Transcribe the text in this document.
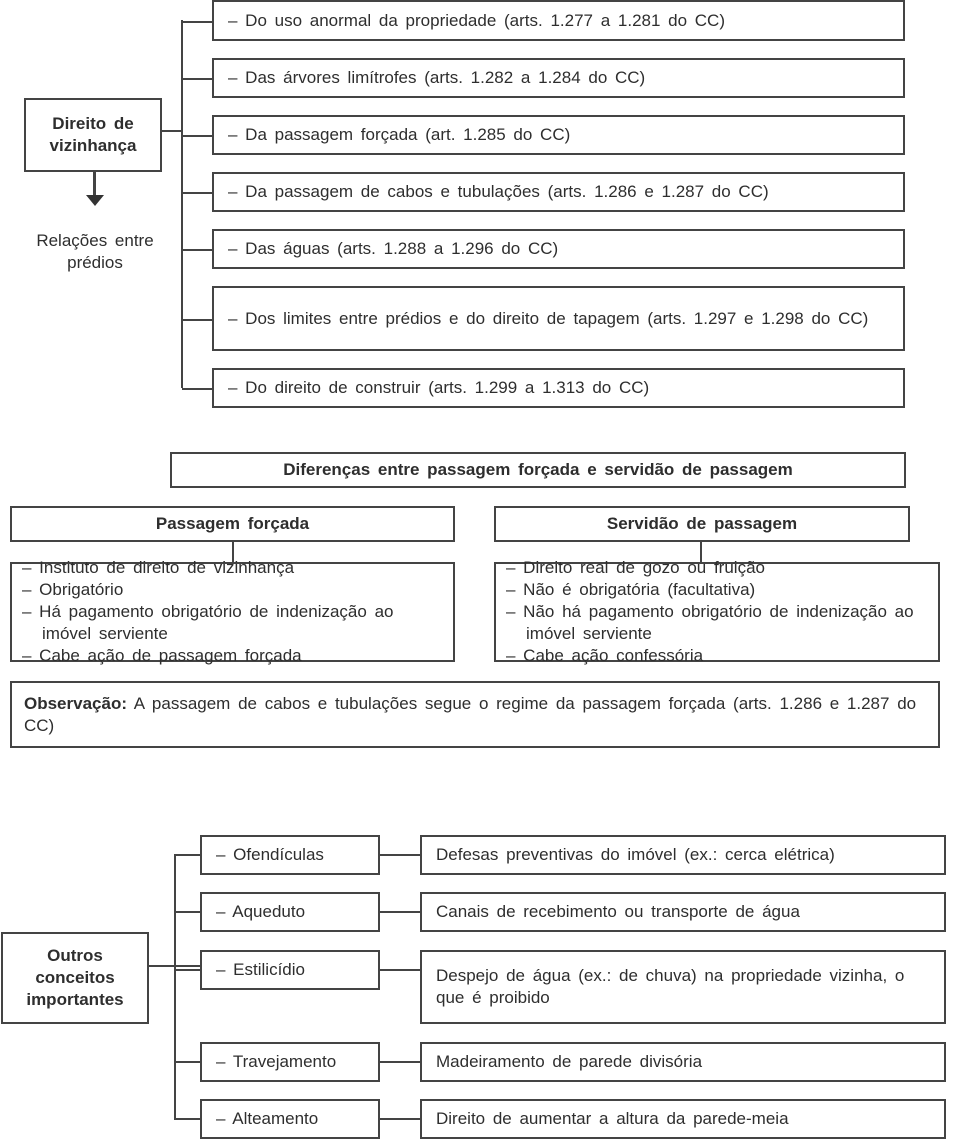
Direito de vizinhança
Relações entre prédios
Diferenças entre passagem forçada e servidão de passagem
Passagem forçada
– Instituto de direito de vizinhança
– Obrigatório
– Há pagamento obrigatório de indenização ao imóvel serviente
– Cabe ação de passagem forçada
Servidão de passagem
– Direito real de gozo ou fruição
– Não é obrigatória (facultativa)
– Não há pagamento obrigatório de indenização ao imóvel serviente
– Cabe ação confessória
Observação: A passagem de cabos e tubulações segue o regime da passagem forçada (arts. 1.286 e 1.287 do CC)
Outros conceitos importantes
– Do uso anormal da propriedade (arts. 1.277 a 1.281 do CC)
– Das árvores limítrofes (arts. 1.282 a 1.284 do CC)
– Da passagem forçada (art. 1.285 do CC)
– Da passagem de cabos e tubulações (arts. 1.286 e 1.287 do CC)
– Das águas (arts. 1.288 a 1.296 do CC)
– Dos limites entre prédios e do direito de tapagem (arts. 1.297 e 1.298 do CC)
– Do direito de construir (arts. 1.299 a 1.313 do CC)
– Ofendículas	Defesas preventivas do imóvel (ex.: cerca elétrica)
– Aqueduto	Canais de recebimento ou transporte de água
– Estilicídio	Despejo de água (ex.: de chuva) na propriedade vizinha, o que é proibido
– Travejamento	Madeiramento de parede divisória
– Alteamento	Direito de aumentar a altura da parede-meia
